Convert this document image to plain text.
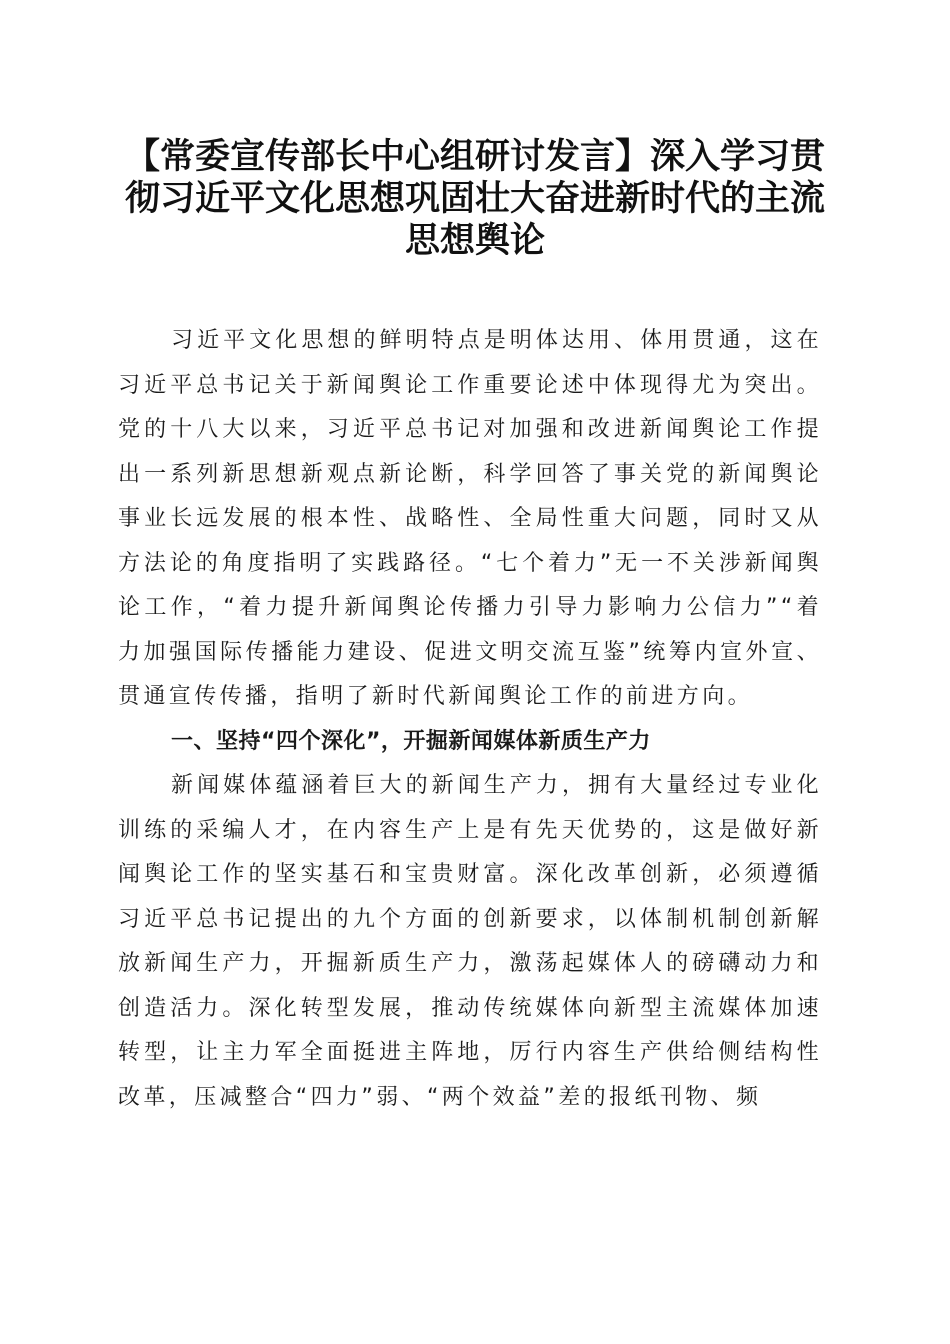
【常委宣传部长中心组研讨发言】深入学习贯彻习近平文化思想巩固壮大奋进新时代的主流思想舆论

习近平文化思想的鲜明特点是明体达用、体用贯通，这在习近平总书记关于新闻舆论工作重要论述中体现得尤为突出。党的十八大以来，习近平总书记对加强和改进新闻舆论工作提出一系列新思想新观点新论断，科学回答了事关党的新闻舆论事业长远发展的根本性、战略性、全局性重大问题，同时又从方法论的角度指明了实践路径。“七个着力”无一不关涉新闻舆论工作，“着力提升新闻舆论传播力引导力影响力公信力”“着力加强国际传播能力建设、促进文明交流互鉴”统筹内宣外宣、贯通宣传传播，指明了新时代新闻舆论工作的前进方向。

一、坚持“四个深化”，开掘新闻媒体新质生产力

新闻媒体蕴涵着巨大的新闻生产力，拥有大量经过专业化训练的采编人才，在内容生产上是有先天优势的，这是做好新闻舆论工作的坚实基石和宝贵财富。深化改革创新，必须遵循习近平总书记提出的九个方面的创新要求，以体制机制创新解放新闻生产力，开掘新质生产力，激荡起媒体人的磅礴动力和创造活力。深化转型发展，推动传统媒体向新型主流媒体加速转型，让主力军全面挺进主阵地，厉行内容生产供给侧结构性改革，压减整合“四力”弱、“两个效益”差的报纸刊物、频
